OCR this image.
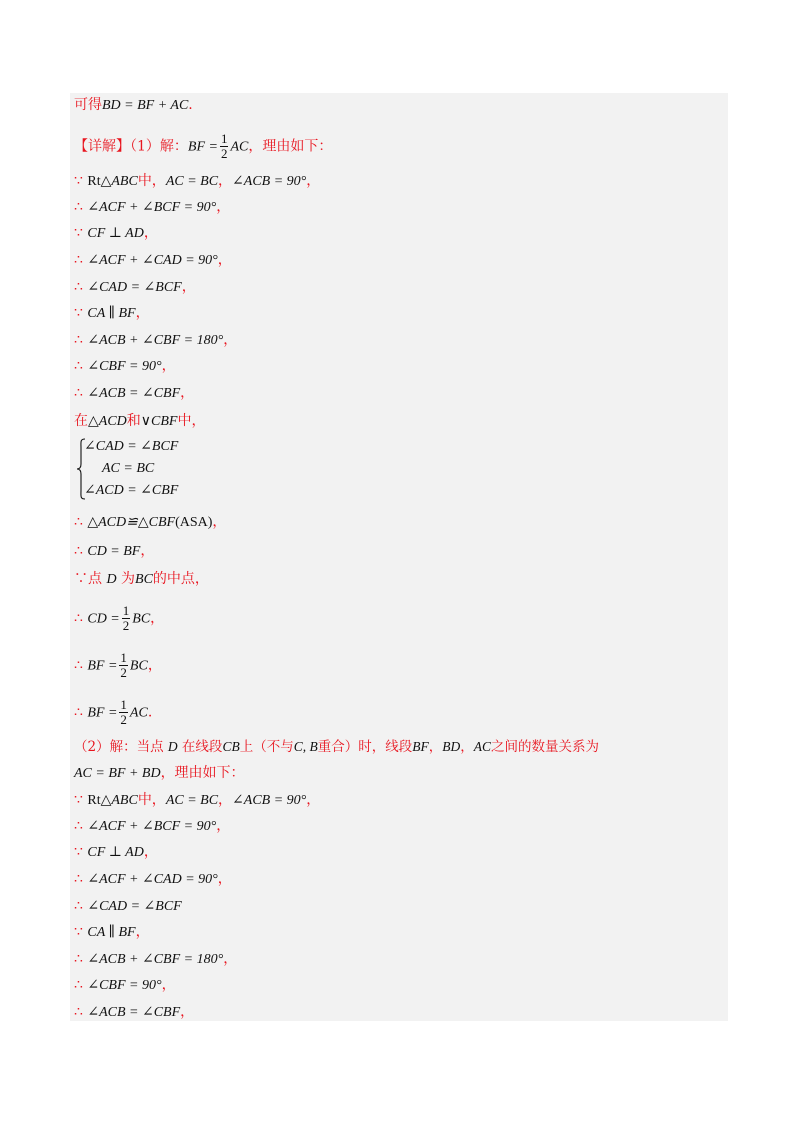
可得BD = BF + AC.
【详解】（1）解：BF = $\frac{1}{2}$ AC，理由如下：
∵ Rt△ABC中，AC = BC，∠ACB = 90°，
∴ ∠ACF + ∠BCF = 90°，
∵ CF ⊥ AD，
∴ ∠ACF + ∠CAD = 90°，
∴ ∠CAD = ∠BCF，
∵ CA ∥ BF，
∴ ∠ACB + ∠CBF = 180°，
∴ ∠CBF = 90°，
∴ ∠ACB = ∠CBF，
在△ACD和∨CBF中，
∠CAD = ∠BCF
AC = BC
∠ACD = ∠CBF
∴ △ACD≌△CBF(ASA)，
∴ CD = BF，
∵点 D 为BC的中点，
∴ CD = $\frac{1}{2}$ BC，
∴ BF = $\frac{1}{2}$ BC，
∴ BF = $\frac{1}{2}$ AC.
（2）解：当点 D 在线段CB上（不与C, B重合）时，线段BF，BD，AC之间的数量关系为
AC = BF + BD，理由如下：
∵ Rt△ABC中，AC = BC，∠ACB = 90°，
∴ ∠ACF + ∠BCF = 90°，
∵ CF ⊥ AD，
∴ ∠ACF + ∠CAD = 90°，
∴ ∠CAD = ∠BCF
∵ CA ∥ BF，
∴ ∠ACB + ∠CBF = 180°，
∴ ∠CBF = 90°，
∴ ∠ACB = ∠CBF，
